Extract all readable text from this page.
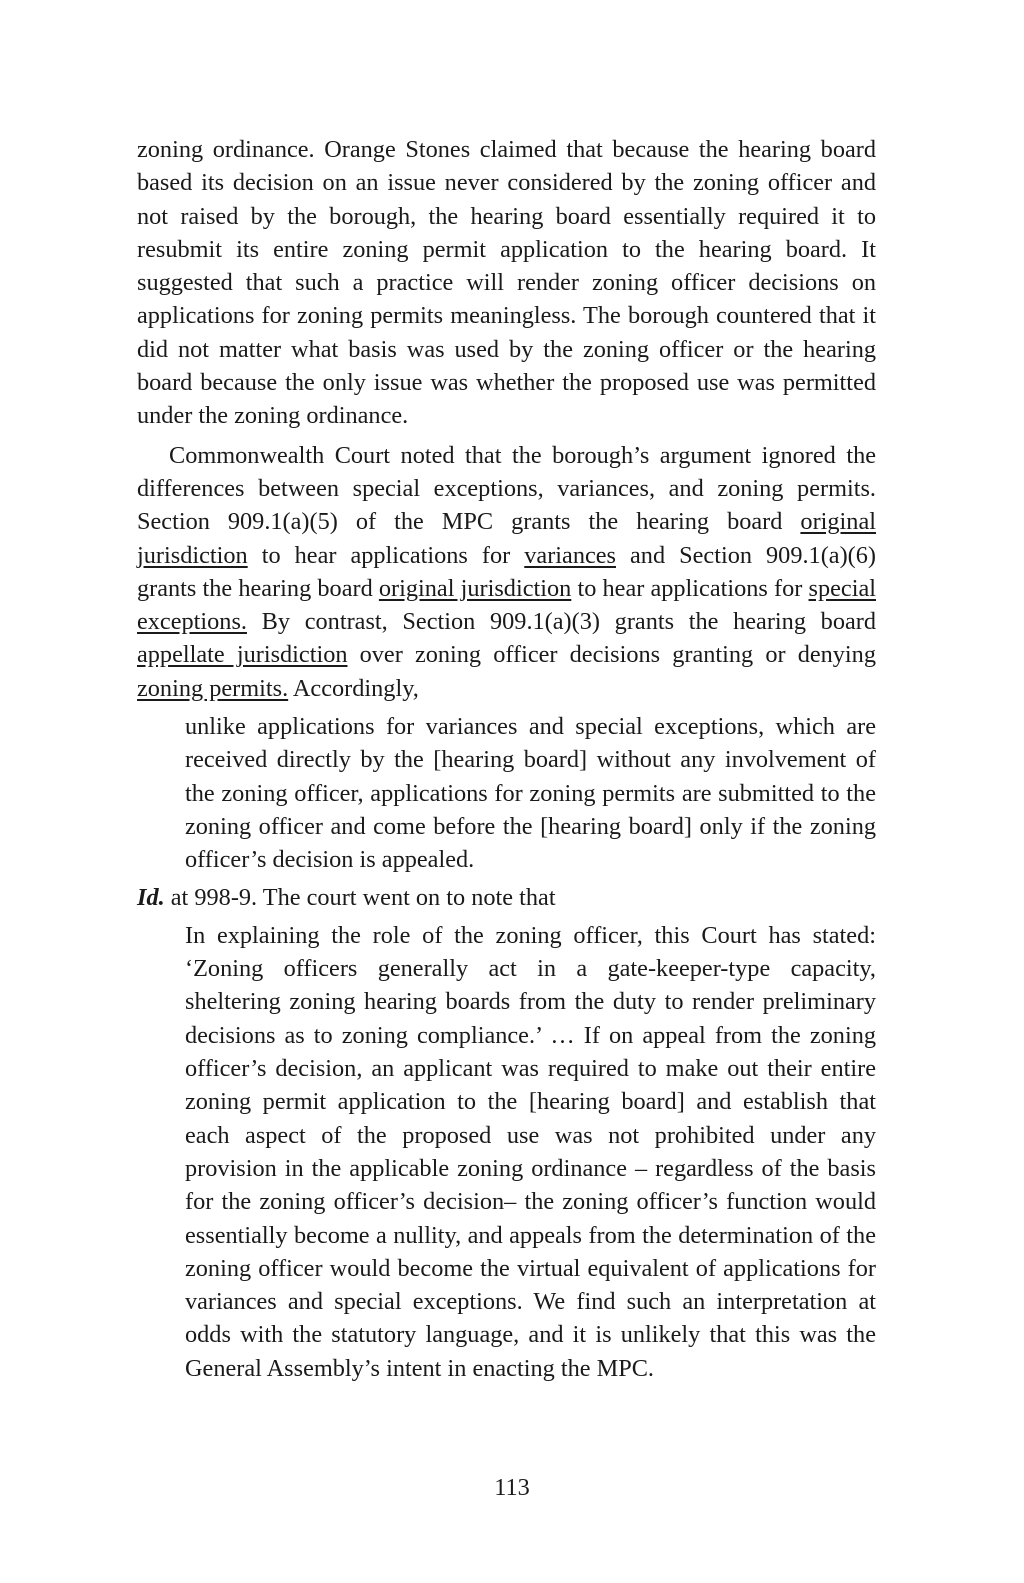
zoning ordinance. Orange Stones claimed that because the hearing board based its decision on an issue never considered by the zoning officer and not raised by the borough, the hearing board essentially required it to resubmit its entire zoning permit application to the hearing board. It suggested that such a practice will render zoning officer decisions on applications for zoning permits meaningless. The borough countered that it did not matter what basis was used by the zoning officer or the hearing board because the only issue was whether the proposed use was permitted under the zoning ordinance.

Commonwealth Court noted that the borough’s argument ignored the differences between special exceptions, variances, and zoning permits. Section 909.1(a)(5) of the MPC grants the hearing board original jurisdiction to hear applications for variances and Section 909.1(a)(6) grants the hearing board original jurisdiction to hear applications for special exceptions. By contrast, Section 909.1(a)(3) grants the hearing board appellate jurisdiction over zoning officer decisions granting or denying zoning permits. Accordingly,

unlike applications for variances and special exceptions, which are received directly by the [hearing board] without any involvement of the zoning officer, applications for zoning permits are submitted to the zoning officer and come before the [hearing board] only if the zoning officer’s decision is appealed.

Id. at 998-9. The court went on to note that

In explaining the role of the zoning officer, this Court has stated: ‘Zoning officers generally act in a gate-keeper-type capacity, sheltering zoning hearing boards from the duty to render preliminary decisions as to zoning compliance.’ … If on appeal from the zoning officer’s decision, an applicant was required to make out their entire zoning permit application to the [hearing board] and establish that each aspect of the proposed use was not prohibited under any provision in the applicable zoning ordinance – regardless of the basis for the zoning officer’s decision– the zoning officer’s function would essentially become a nullity, and appeals from the determination of the zoning officer would become the virtual equivalent of applications for variances and special exceptions. We find such an interpretation at odds with the statutory language, and it is unlikely that this was the General Assembly’s intent in enacting the MPC.

113
